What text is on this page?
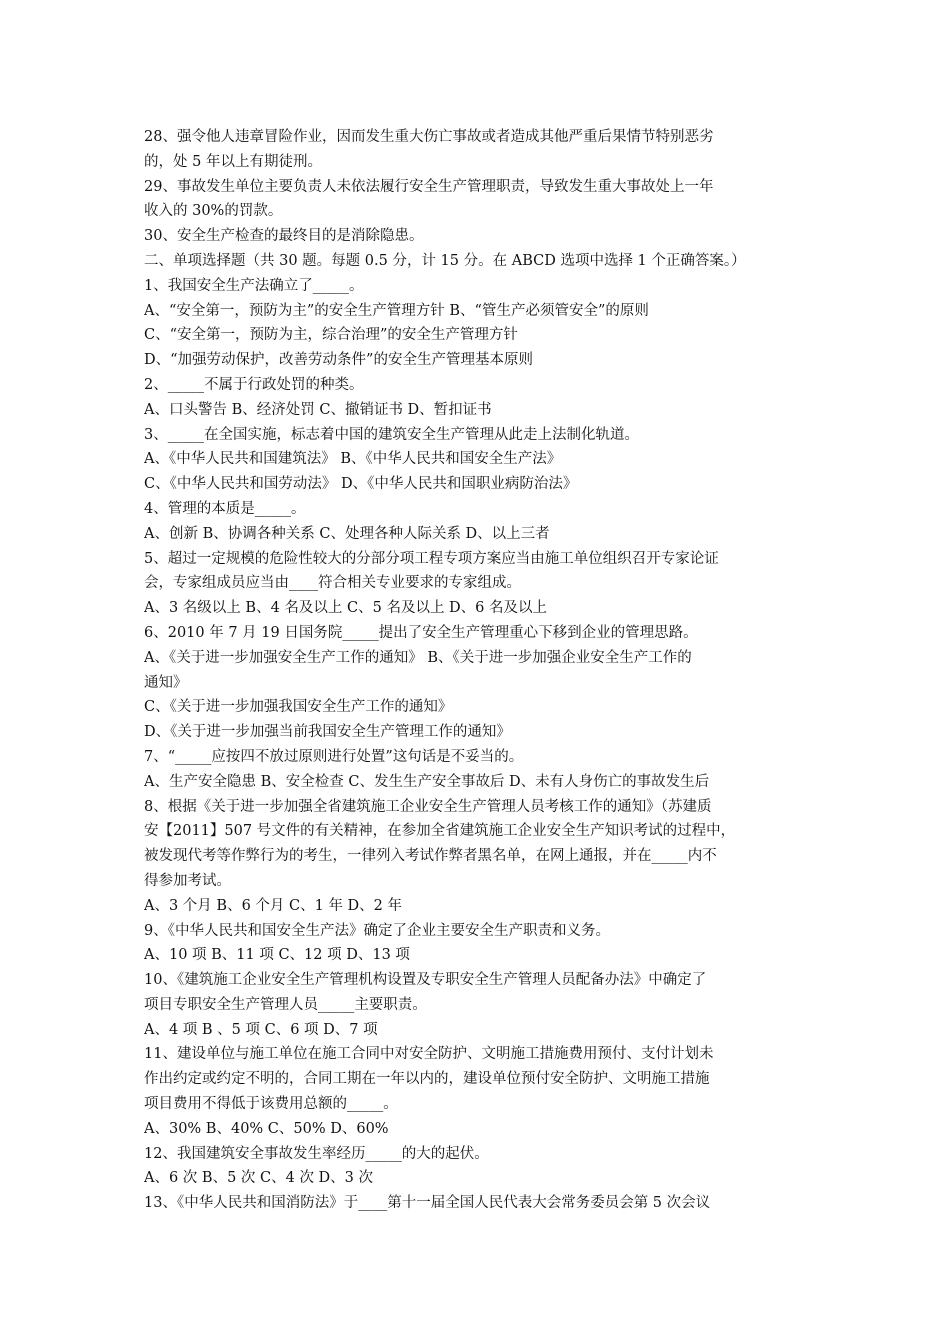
28、强令他人违章冒险作业，因而发生重大伤亡事故或者造成其他严重后果情节特别恶劣
的，处 5 年以上有期徒刑。
29、事故发生单位主要负责人未依法履行安全生产管理职责，导致发生重大事故处上一年
收入的 30%的罚款。
30、安全生产检查的最终目的是消除隐患。
二、单项选择题（共 30 题。每题 0.5 分，计 15 分。在 ABCD 选项中选择 1 个正确答案。）
1、我国安全生产法确立了_____。
A、“安全第一，预防为主”的安全生产管理方针 B、“管生产必须管安全”的原则
C、“安全第一，预防为主，综合治理”的安全生产管理方针
D、“加强劳动保护，改善劳动条件”的安全生产管理基本原则
2、_____不属于行政处罚的种类。
A、口头警告 B、经济处罚 C、撤销证书 D、暂扣证书
3、_____在全国实施，标志着中国的建筑安全生产管理从此走上法制化轨道。
A、《中华人民共和国建筑法》 B、《中华人民共和国安全生产法》
C、《中华人民共和国劳动法》 D、《中华人民共和国职业病防治法》
4、管理的本质是_____。
A、创新 B、协调各种关系 C、处理各种人际关系 D、以上三者
5、超过一定规模的危险性较大的分部分项工程专项方案应当由施工单位组织召开专家论证
会，专家组成员应当由____符合相关专业要求的专家组成。
A、3 名级以上 B、4 名及以上 C、5 名及以上 D、6 名及以上
6、2010 年 7 月 19 日国务院_____提出了安全生产管理重心下移到企业的管理思路。
A、《关于进一步加强安全生产工作的通知》 B、《关于进一步加强企业安全生产工作的
通知》
C、《关于进一步加强我国安全生产工作的通知》
D、《关于进一步加强当前我国安全生产管理工作的通知》
7、“_____应按四不放过原则进行处置”这句话是不妥当的。
A、生产安全隐患 B、安全检查 C、发生生产安全事故后 D、未有人身伤亡的事故发生后
8、根据《关于进一步加强全省建筑施工企业安全生产管理人员考核工作的通知》（苏建质
安【2011】507 号文件的有关精神，在参加全省建筑施工企业安全生产知识考试的过程中，
被发现代考等作弊行为的考生，一律列入考试作弊者黑名单，在网上通报，并在_____内不
得参加考试。
A、3 个月 B、6 个月 C、1 年 D、2 年
9、《中华人民共和国安全生产法》确定了企业主要安全生产职责和义务。
A、10 项 B、11 项 C、12 项 D、13 项
10、《建筑施工企业安全生产管理机构设置及专职安全生产管理人员配备办法》中确定了
项目专职安全生产管理人员_____主要职责。
A、4 项 B 、5 项 C、6 项 D、7 项
11、建设单位与施工单位在施工合同中对安全防护、文明施工措施费用预付、支付计划未
作出约定或约定不明的，合同工期在一年以内的，建设单位预付安全防护、文明施工措施
项目费用不得低于该费用总额的_____。
A、30% B、40% C、50% D、60%
12、我国建筑安全事故发生率经历_____的大的起伏。
A、6 次 B、5 次 C、4 次 D、3 次
13、《中华人民共和国消防法》于____第十一届全国人民代表大会常务委员会第 5 次会议
